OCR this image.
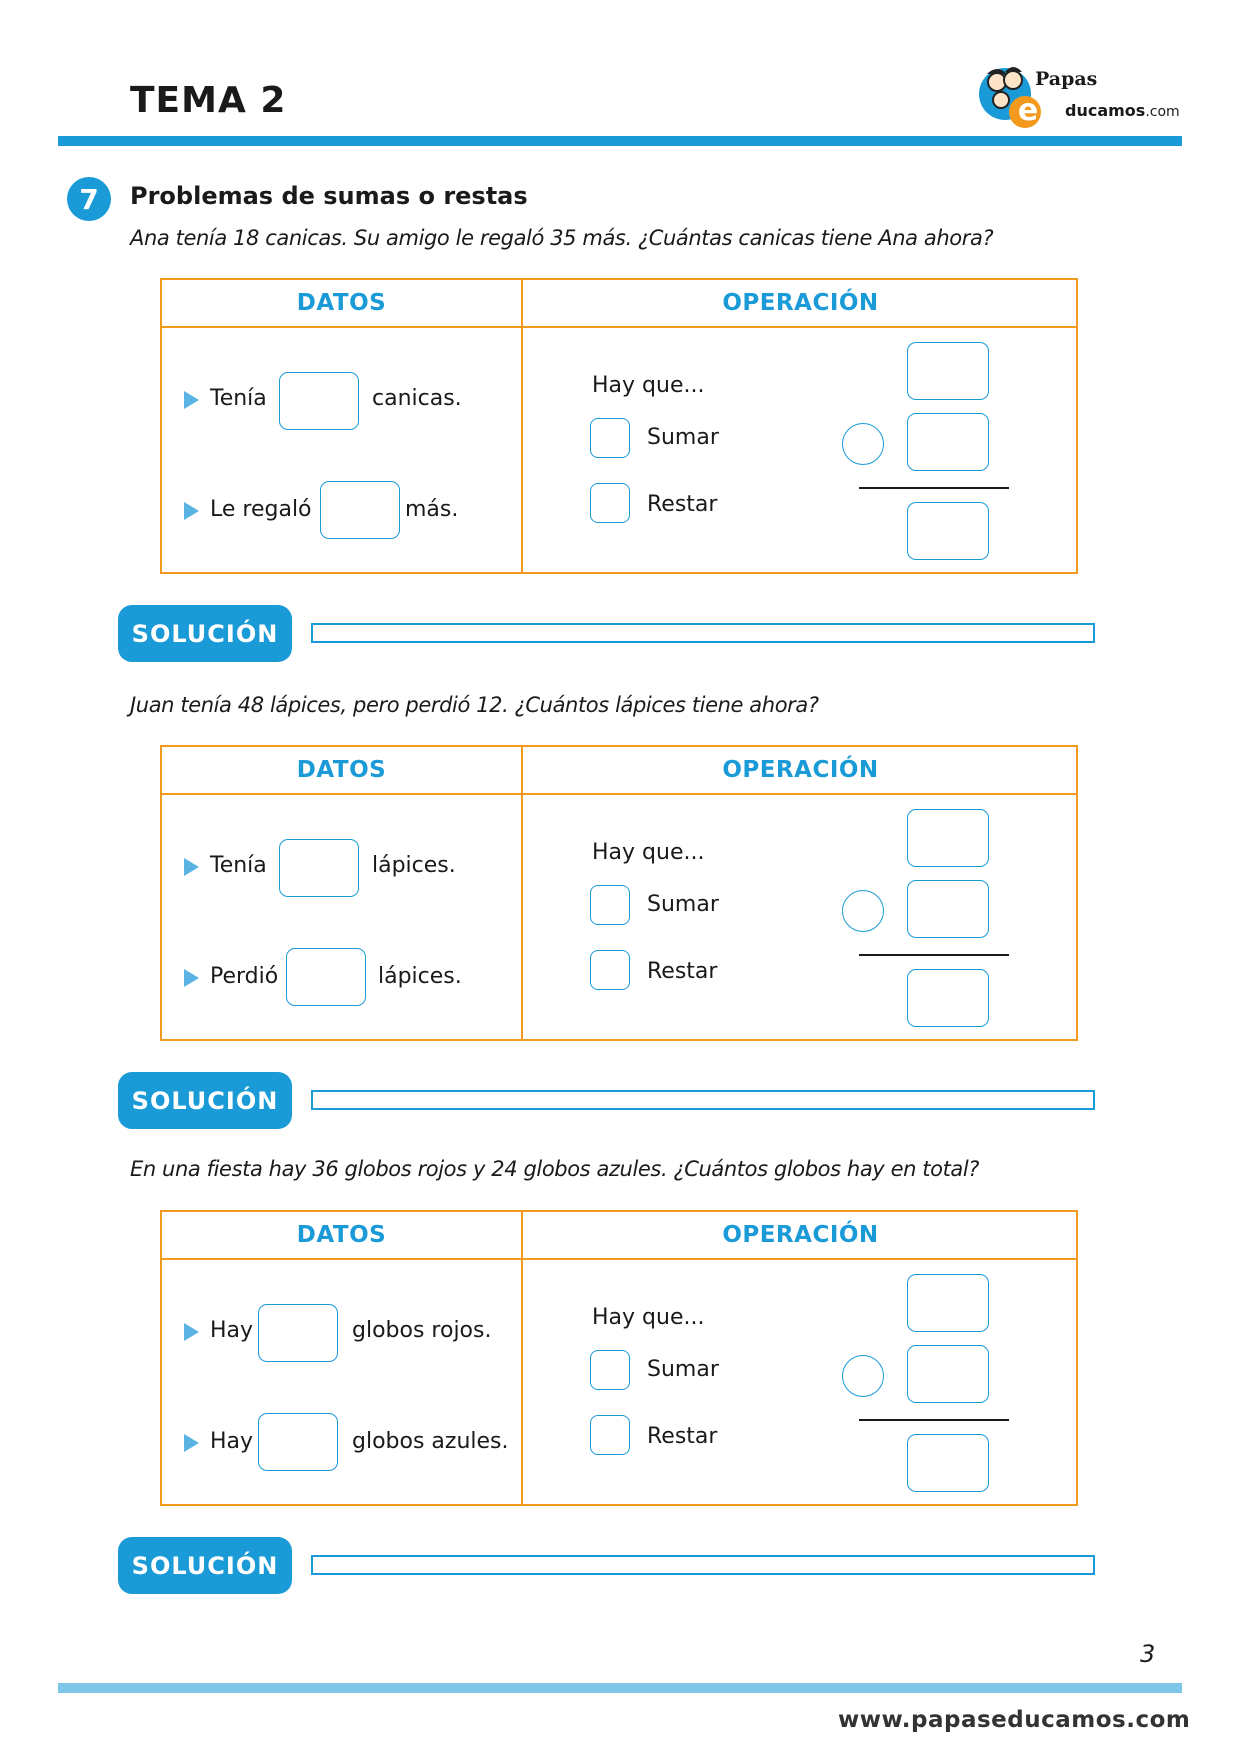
TEMA 2	e
Papas
ducamos.com
7	Problemas de sumas o restas
Ana tenía 18 canicas. Su amigo le regaló 35 más. ¿Cuántas canicas tiene Ana ahora?
DATOS	OPERACIÓN
Tenía	canicas.
Le regaló	más.
Hay que...
Sumar
Restar
SOLUCIÓN
Juan tenía 48 lápices, pero perdió 12. ¿Cuántos lápices tiene ahora?
DATOS	OPERACIÓN
Tenía	lápices.
Perdió	lápices.
Hay que...
Sumar
Restar
SOLUCIÓN
En una fiesta hay 36 globos rojos y 24 globos azules. ¿Cuántos globos hay en total?
DATOS	OPERACIÓN
Hay	globos rojos.
Hay	globos azules.
Hay que...
Sumar
Restar
SOLUCIÓN
3
www.papaseducamos.com
